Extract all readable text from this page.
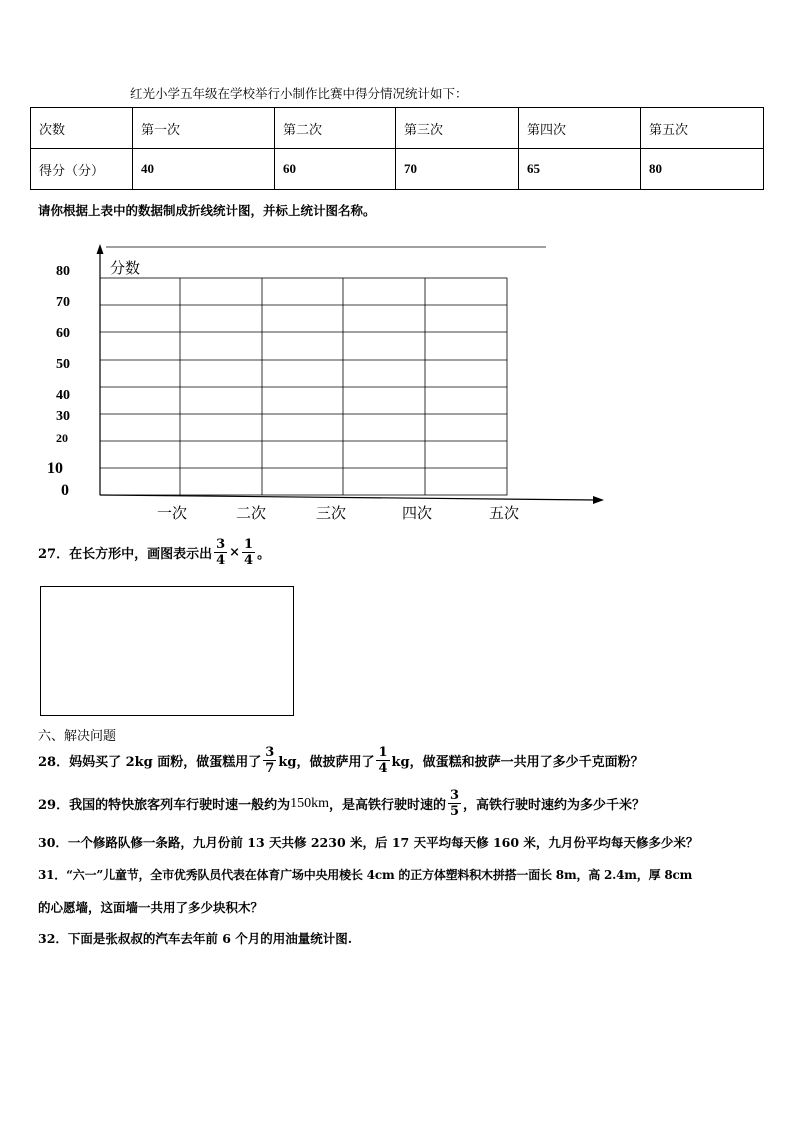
红光小学五年级在学校举行小制作比赛中得分情况统计如下：
次数	第一次	第二次	第三次	第四次	第五次
得分（分）	40	60	70	65	80
请你根据上表中的数据制成折线统计图，并标上统计图名称。
分数
80
70
60
50
40
30
20
10
0
一次	二次	三次	四次	五次
27．在长方形中，画图表示出 $\frac{3}{4} \times \frac{1}{4}$ 。
六、解决问题
28．妈妈买了 2kg 面粉，做蛋糕用了 $\frac{3}{7}$ kg，做披萨用了 $\frac{1}{4}$ kg，做蛋糕和披萨一共用了多少千克面粉？
29．我国的特快旅客列车行驶时速一般约为 150km ，是高铁行驶时速的 $\frac{3}{5}$ ，高铁行驶时速约为多少千米？
30．一个修路队修一条路，九月份前 13 天共修 2230 米，后 17 天平均每天修 160 米，九月份平均每天修多少米？
31．“六一”儿童节，全市优秀队员代表在体育广场中央用棱长 4cm 的正方体塑料积木拼搭一面长 8m，高 2.4m，厚 8cm
的心愿墙，这面墙一共用了多少块积木？
32．下面是张叔叔的汽车去年前 6 个月的用油量统计图.
